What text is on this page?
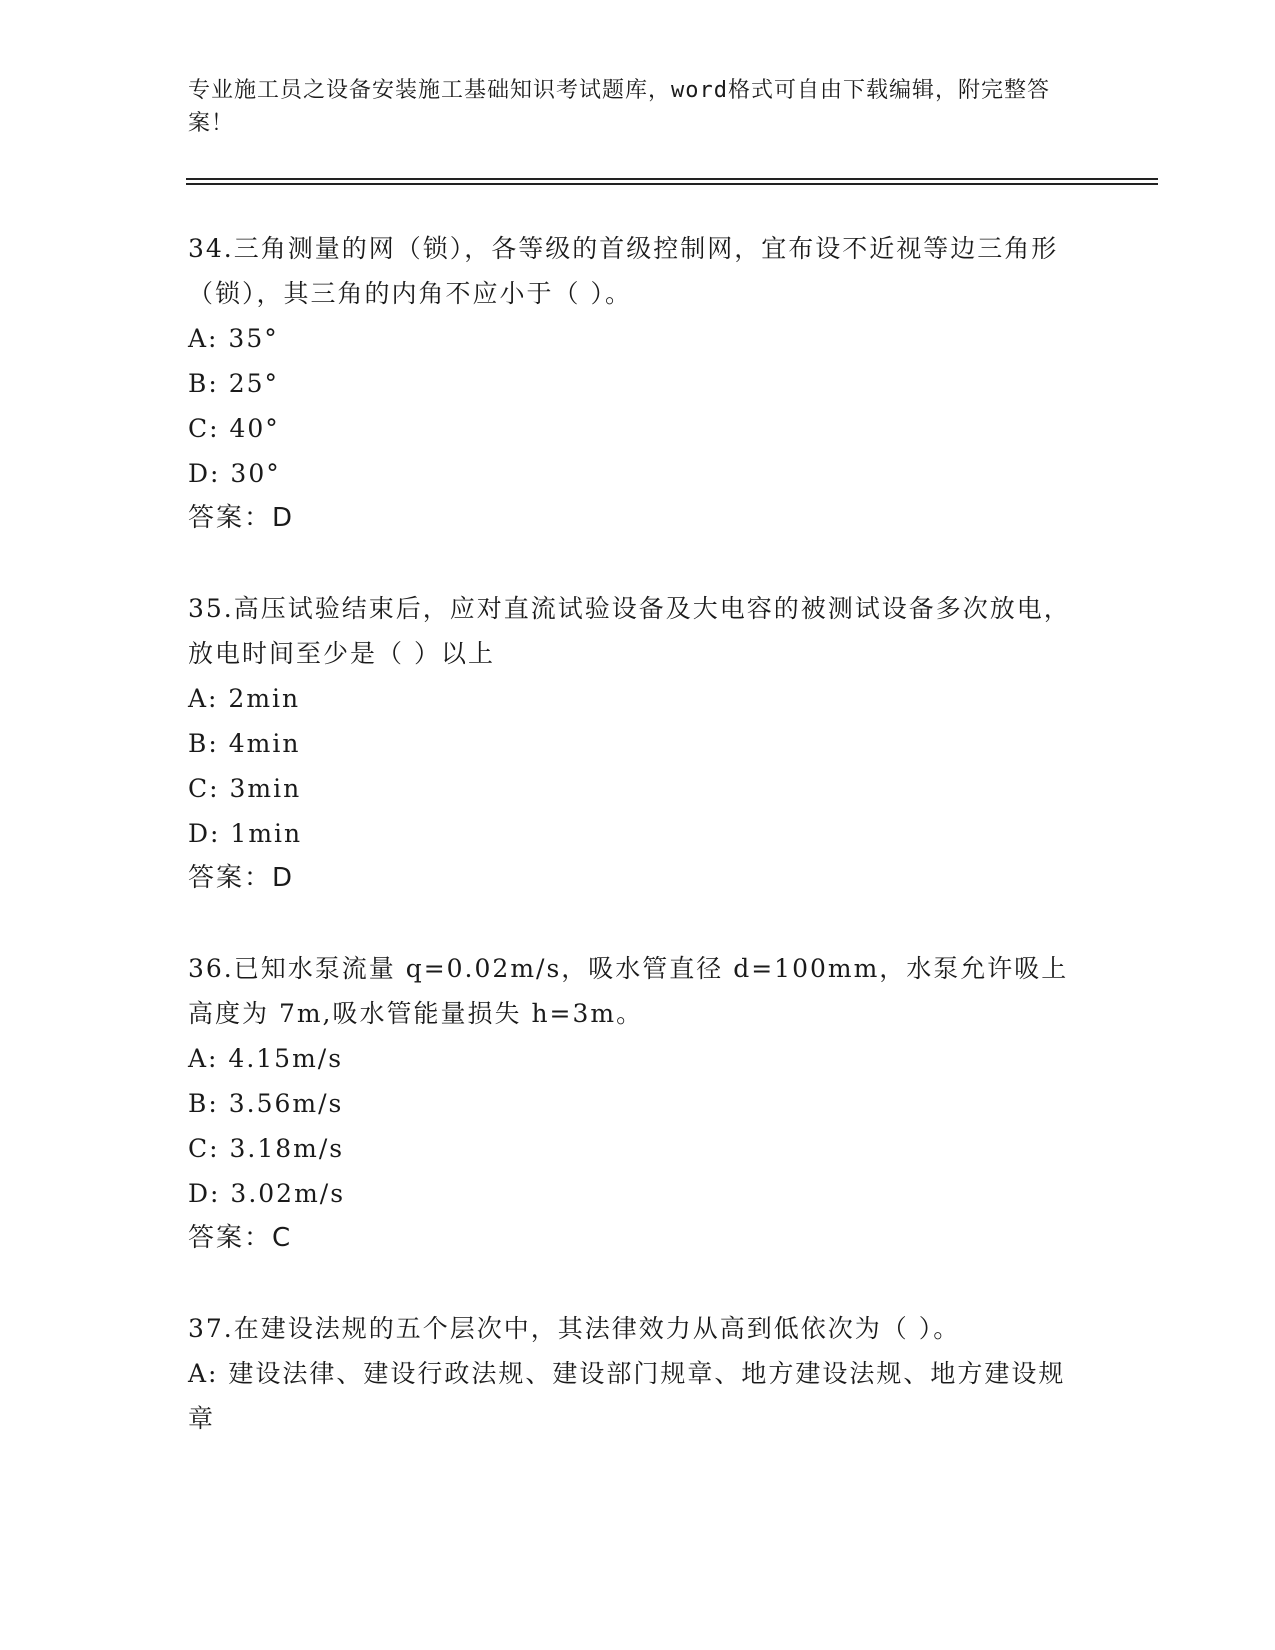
专业施工员之设备安装施工基础知识考试题库，word格式可自由下载编辑，附完整答案！
34.三角测量的网（锁），各等级的首级控制网，宜布设不近视等边三角形（锁），其三角的内角不应小于（ ）。
A: 35°
B: 25°
C: 40°
D: 30°
答案：D
35.高压试验结束后，应对直流试验设备及大电容的被测试设备多次放电，放电时间至少是（ ）以上
A: 2min
B: 4min
C: 3min
D: 1min
答案：D
36.已知水泵流量 q=0.02m/s，吸水管直径 d=100mm，水泵允许吸上高度为 7m,吸水管能量损失 h=3m。
A: 4.15m/s
B: 3.56m/s
C: 3.18m/s
D: 3.02m/s
答案：C
37.在建设法规的五个层次中，其法律效力从高到低依次为（ ）。
A: 建设法律、建设行政法规、建设部门规章、地方建设法规、地方建设规章
